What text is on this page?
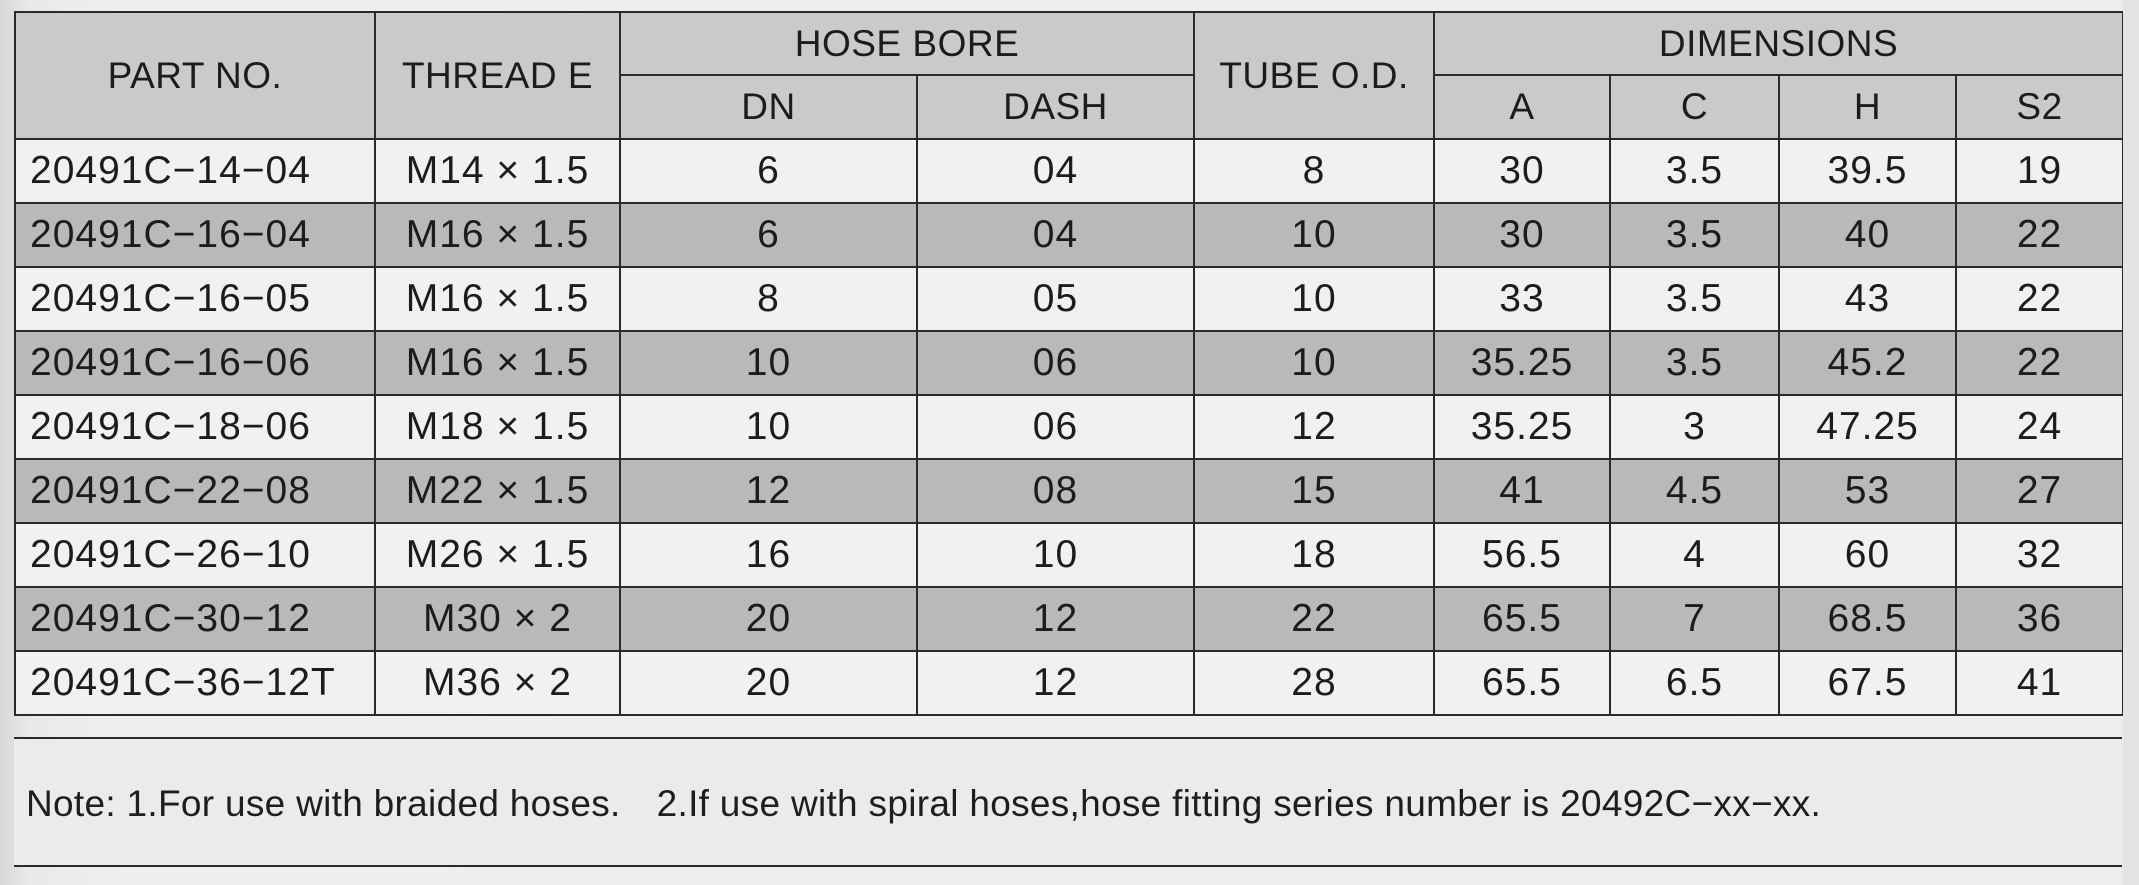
PART NO.	THREAD E	HOSE BORE		TUBE O.D.	DIMENSIONS			
		DN	DASH		A	C	H	S2
20491C−14−04	M14 × 1.5	6	04	8	30	3.5	39.5	19
20491C−16−04	M16 × 1.5	6	04	10	30	3.5	40	22
20491C−16−05	M16 × 1.5	8	05	10	33	3.5	43	22
20491C−16−06	M16 × 1.5	10	06	10	35.25	3.5	45.2	22
20491C−18−06	M18 × 1.5	10	06	12	35.25	3	47.25	24
20491C−22−08	M22 × 1.5	12	08	15	41	4.5	53	27
20491C−26−10	M26 × 1.5	16	10	18	56.5	4	60	32
20491C−30−12	M30 × 2	20	12	22	65.5	7	68.5	36
20491C−36−12T	M36 × 2	20	12	28	65.5	6.5	67.5	41
Note: 1.For use with braided hoses. 2.If use with spiral hoses,hose fitting series number is 20492C−xx−xx.
